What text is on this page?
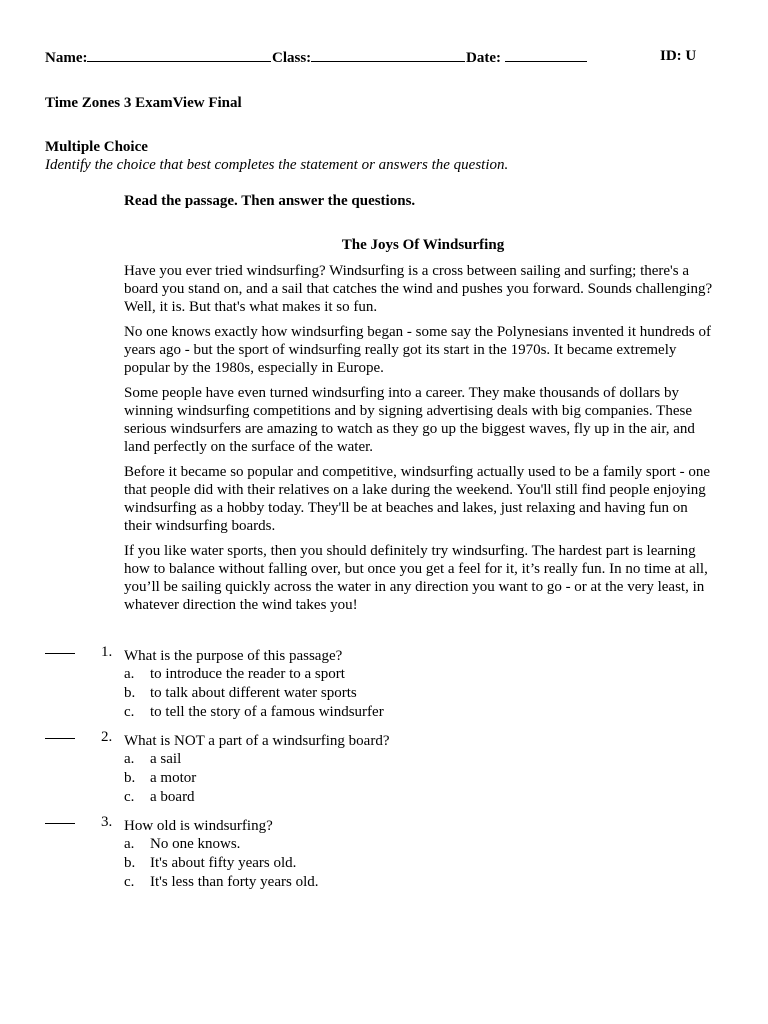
Name:	Class:	Date:	ID: U
Time Zones 3 ExamView Final
Multiple Choice
Identify the choice that best completes the statement or answers the question.
Read the passage. Then answer the questions.
The Joys Of Windsurfing

Have you ever tried windsurfing? Windsurfing is a cross between sailing and surfing; there's a board you stand on, and a sail that catches the wind and pushes you forward. Sounds challenging? Well, it is. But that's what makes it so fun.

No one knows exactly how windsurfing began - some say the Polynesians invented it hundreds of years ago - but the sport of windsurfing really got its start in the 1970s. It became extremely popular by the 1980s, especially in Europe.

Some people have even turned windsurfing into a career. They make thousands of dollars by winning windsurfing competitions and by signing advertising deals with big companies. These serious windsurfers are amazing to watch as they go up the biggest waves, fly up in the air, and land perfectly on the surface of the water.

Before it became so popular and competitive, windsurfing actually used to be a family sport - one that people did with their relatives on a lake during the weekend. You'll still find people enjoying windsurfing as a hobby today. They'll be at beaches and lakes, just relaxing and having fun on their windsurfing boards.

If you like water sports, then you should definitely try windsurfing. The hardest part is learning how to balance without falling over, but once you get a feel for it, it’s really fun. In no time at all, you’ll be sailing quickly across the water in any direction you want to go - or at the very least, in whatever direction the wind takes you!

1. What is the purpose of this passage?
a. to introduce the reader to a sport
b. to talk about different water sports
c. to tell the story of a famous windsurfer
2. What is NOT a part of a windsurfing board?
a. a sail
b. a motor
c. a board
3. How old is windsurfing?
a. No one knows.
b. It's about fifty years old.
c. It's less than forty years old.
